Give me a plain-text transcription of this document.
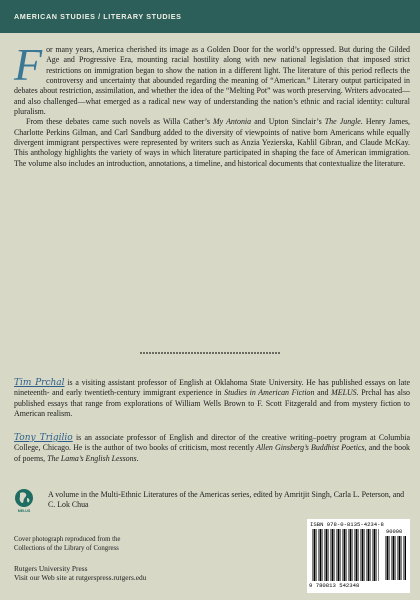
AMERICAN STUDIES / LITERARY STUDIES

For many years, America cherished its image as a Golden Door for the world’s oppressed. But during the Gilded Age and Progressive Era, mounting racial hostility along with new national legislation that imposed strict restrictions on immigration began to show the nation in a different light. The literature of this period reflects the controversy and uncertainty that abounded regarding the meaning of “American.” Literary output participated in debates about restriction, assimilation, and whether the idea of the “Melting Pot” was worth preserving. Writers advocated—and also challenged—what emerged as a radical new way of understanding the nation’s ethnic and racial identity: cultural pluralism.

From these debates came such novels as Willa Cather’s My Antonia and Upton Sinclair’s The Jungle. Henry James, Charlotte Perkins Gilman, and Carl Sandburg added to the diversity of viewpoints of native born Americans while equally divergent immigrant perspectives were represented by writers such as Anzia Yezierska, Kahlil Gibran, and Claude McKay. This anthology highlights the variety of ways in which literature participated in shaping the face of American immigration. The volume also includes an introduction, annotations, a timeline, and historical documents that contextualize the literature.

Tim Prchal is a visiting assistant professor of English at Oklahoma State University. He has published essays on late nineteenth- and early twentieth-century immigrant experience in Studies in American Fiction and MELUS. Prchal has also published essays that range from explorations of William Wells Brown to F. Scott Fitzgerald and from mystery fiction to American realism.
Tony Trigilio is an associate professor of English and director of the creative writing–poetry program at Columbia College, Chicago. He is the author of two books of criticism, most recently Allen Ginsberg’s Buddhist Poetics, and the book of poems, The Lama’s English Lessons.
MELUS
A volume in the Multi-Ethnic Literatures of the Americas series, edited by Amritjit Singh, Carla L. Peterson, and C. Lok Chua
Cover photograph reproduced from the
Collections of the Library of Congress
Rutgers University Press
Visit our Web site at rutgerspress.rutgers.edu
ISBN 978-0-8135-4234-8
90000
9 780813 542348
